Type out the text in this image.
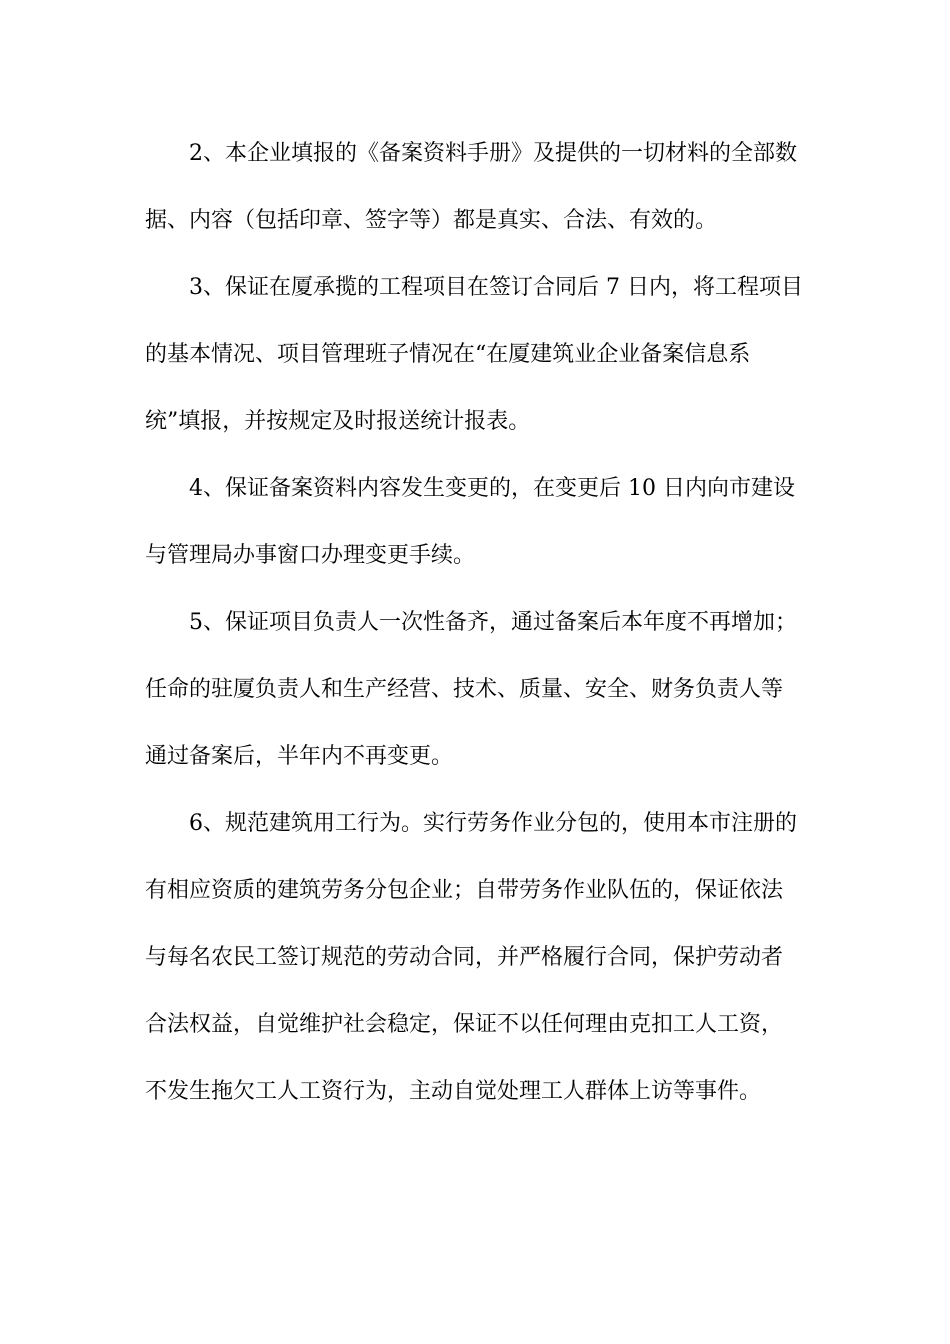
2、本企业填报的《备案资料手册》及提供的一切材料的全部数
据、内容（包括印章、签字等）都是真实、合法、有效的。
3、保证在厦承揽的工程项目在签订合同后 7 日内，将工程项目
的基本情况、项目管理班子情况在“在厦建筑业企业备案信息系
统”填报，并按规定及时报送统计报表。
4、保证备案资料内容发生变更的，在变更后 10 日内向市建设
与管理局办事窗口办理变更手续。
5、保证项目负责人一次性备齐，通过备案后本年度不再增加；
任命的驻厦负责人和生产经营、技术、质量、安全、财务负责人等
通过备案后，半年内不再变更。
6、规范建筑用工行为。实行劳务作业分包的，使用本市注册的
有相应资质的建筑劳务分包企业；自带劳务作业队伍的，保证依法
与每名农民工签订规范的劳动合同，并严格履行合同，保护劳动者
合法权益，自觉维护社会稳定，保证不以任何理由克扣工人工资，
不发生拖欠工人工资行为，主动自觉处理工人群体上访等事件。
